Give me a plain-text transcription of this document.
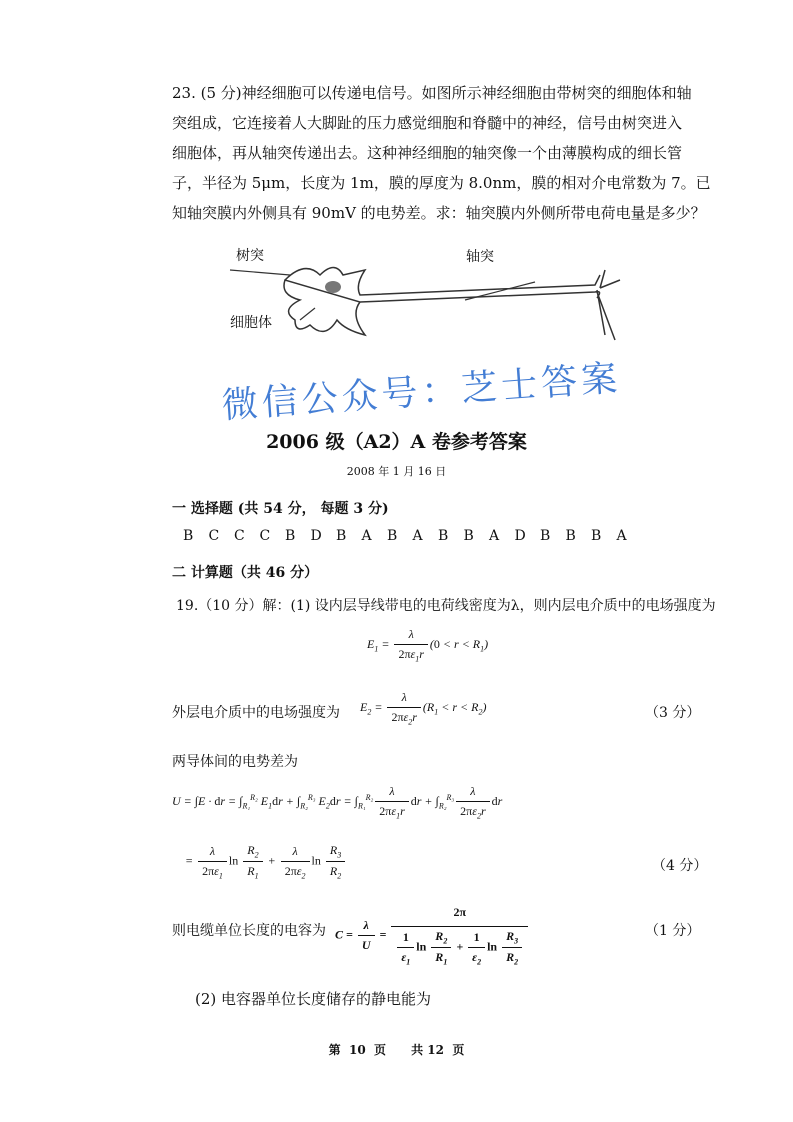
23. (5 分)神经细胞可以传递电信号。如图所示神经细胞由带树突的细胞体和轴
突组成，它连接着人大脚趾的压力感觉细胞和脊髓中的神经，信号由树突进入
细胞体，再从轴突传递出去。这种神经细胞的轴突像一个由薄膜构成的细长管
子，半径为 5μm，长度为 1m，膜的厚度为 8.0nm，膜的相对介电常数为 7。已
知轴突膜内外侧具有 90mV 的电势差。求：轴突膜内外侧所带电荷电量是多少？
树突	轴突
细胞体
微信公众号：芝士答案
2006 级（A2）A 卷参考答案
2008 年 1 月 16 日
一 选择题 (共 54 分， 每题 3 分)
B	C	C	C	B	D	B	A	B	A	B	B	A	D	B	B	B	A
二 计算题（共 46 分）
19.（10 分）解：(1) 设内层导线带电的电荷线密度为λ，则内层电介质中的电场强度为
$E_1 = \frac{\lambda}{2\pi\varepsilon_1r} (0 < r < R_1)$
外层电介质中的电场强度为 $E_2 = \frac{\lambda}{2\pi\varepsilon_2r} (R_1 < r < R_2)$	（3 分）
两导体间的电势差为
U = ∫E · dr = $\int_{R_1}^{R_2}$ $E_1dr + \int_{R_2}^{R_3}$ $E_2dr = \int_{R_1}^{R_2} \frac{\lambda}{2\pi\varepsilon_1r}$ dr + $\int_{R_2}^{R_3} \frac{\lambda}{2\pi\varepsilon_2r}$ dr
= $\frac{\lambda}{2\pi\varepsilon_1}$ $\ln \frac{R_2}{R_1} + \frac{\lambda}{2\pi\varepsilon_2}$ $\ln \frac{R_3}{R_2}$	（4 分）
则电缆单位长度的电容为 $C = \frac{\lambda}{U} = \frac{2\pi}{\frac{1}{\varepsilon_1} \ln \frac{R_2}{R_1} + \frac{1}{\varepsilon_2} \ln \frac{R_3}{R_2}}$	（1 分）
(2) 电容器单位长度储存的静电能为
第  10  页      共 12  页
